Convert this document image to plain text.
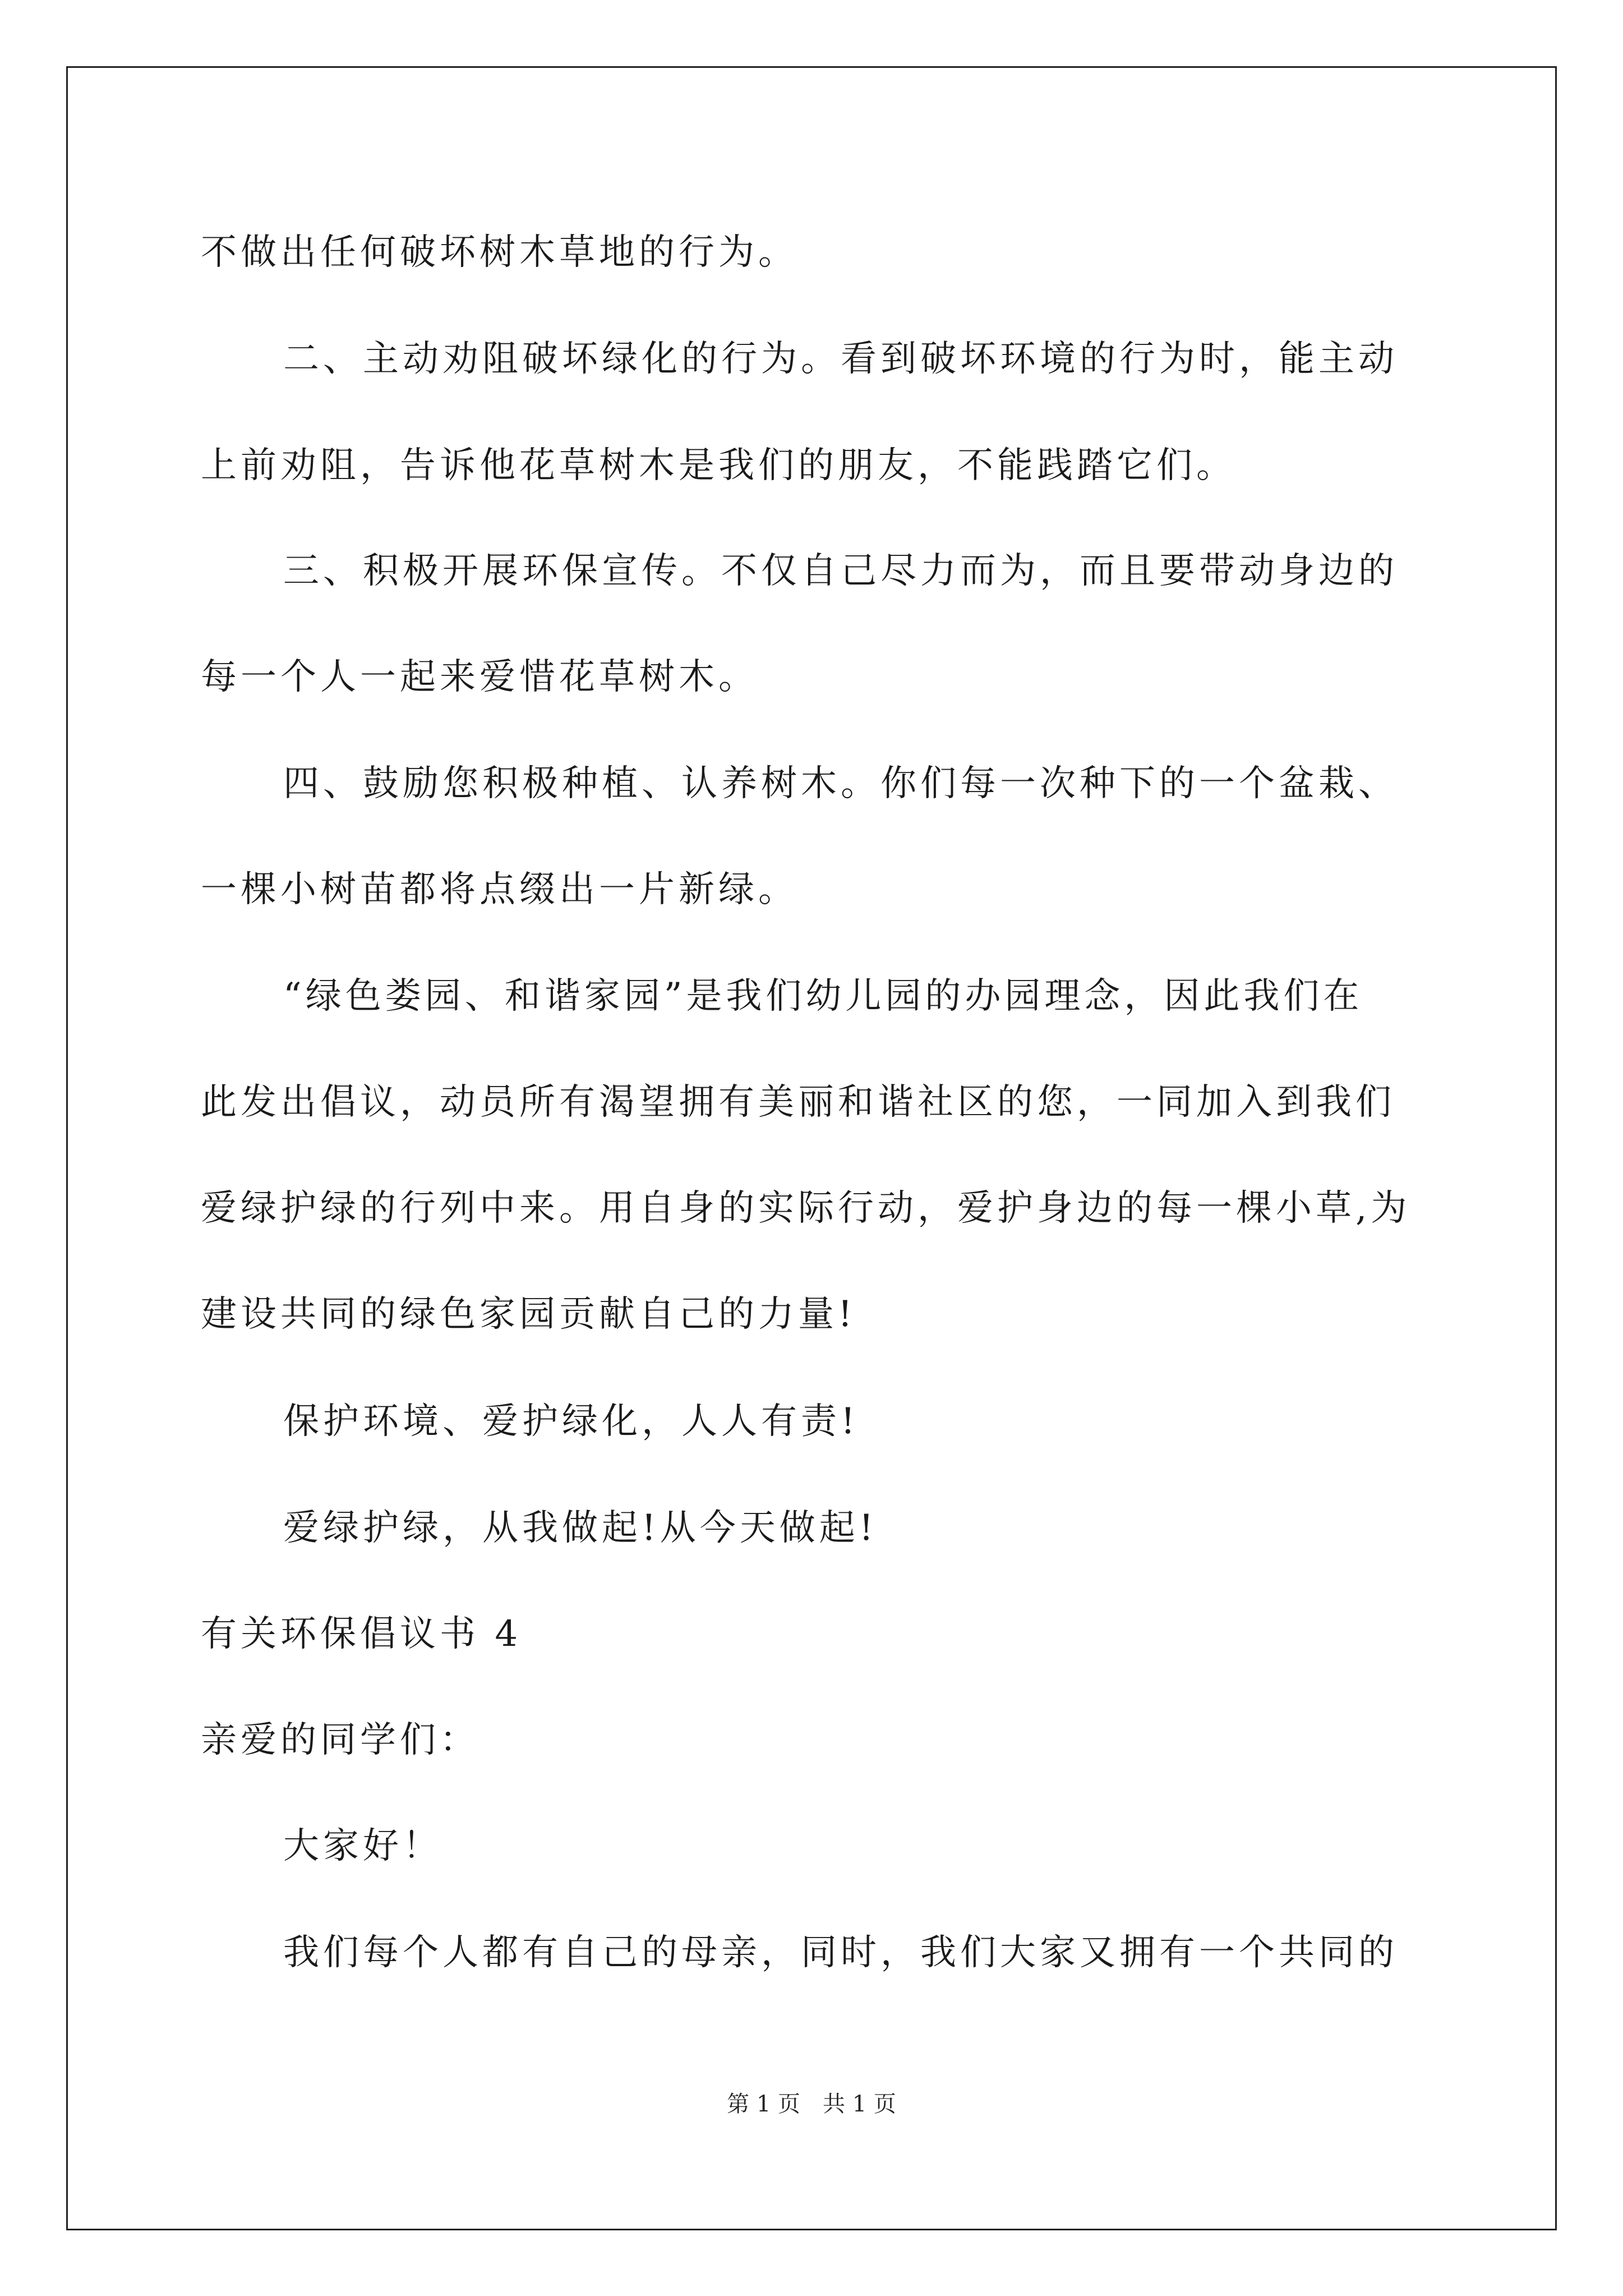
不做出任何破坏树木草地的行为。
二、主动劝阻破坏绿化的行为。看到破坏环境的行为时，能主动
上前劝阻，告诉他花草树木是我们的朋友，不能践踏它们。
三、积极开展环保宣传。不仅自己尽力而为，而且要带动身边的
每一个人一起来爱惜花草树木。
四、鼓励您积极种植、认养树木。你们每一次种下的一个盆栽、
一棵小树苗都将点缀出一片新绿。
“绿色娄园、和谐家园”是我们幼儿园的办园理念，因此我们在
此发出倡议，动员所有渴望拥有美丽和谐社区的您，一同加入到我们
爱绿护绿的行列中来。用自身的实际行动，爱护身边的每一棵小草,为
建设共同的绿色家园贡献自己的力量!
保护环境、爱护绿化，人人有责!
爱绿护绿，从我做起!从今天做起!
有关环保倡议书 4
亲爱的同学们：
大家好！
我们每个人都有自己的母亲，同时，我们大家又拥有一个共同的
第 1 页　共 1 页
